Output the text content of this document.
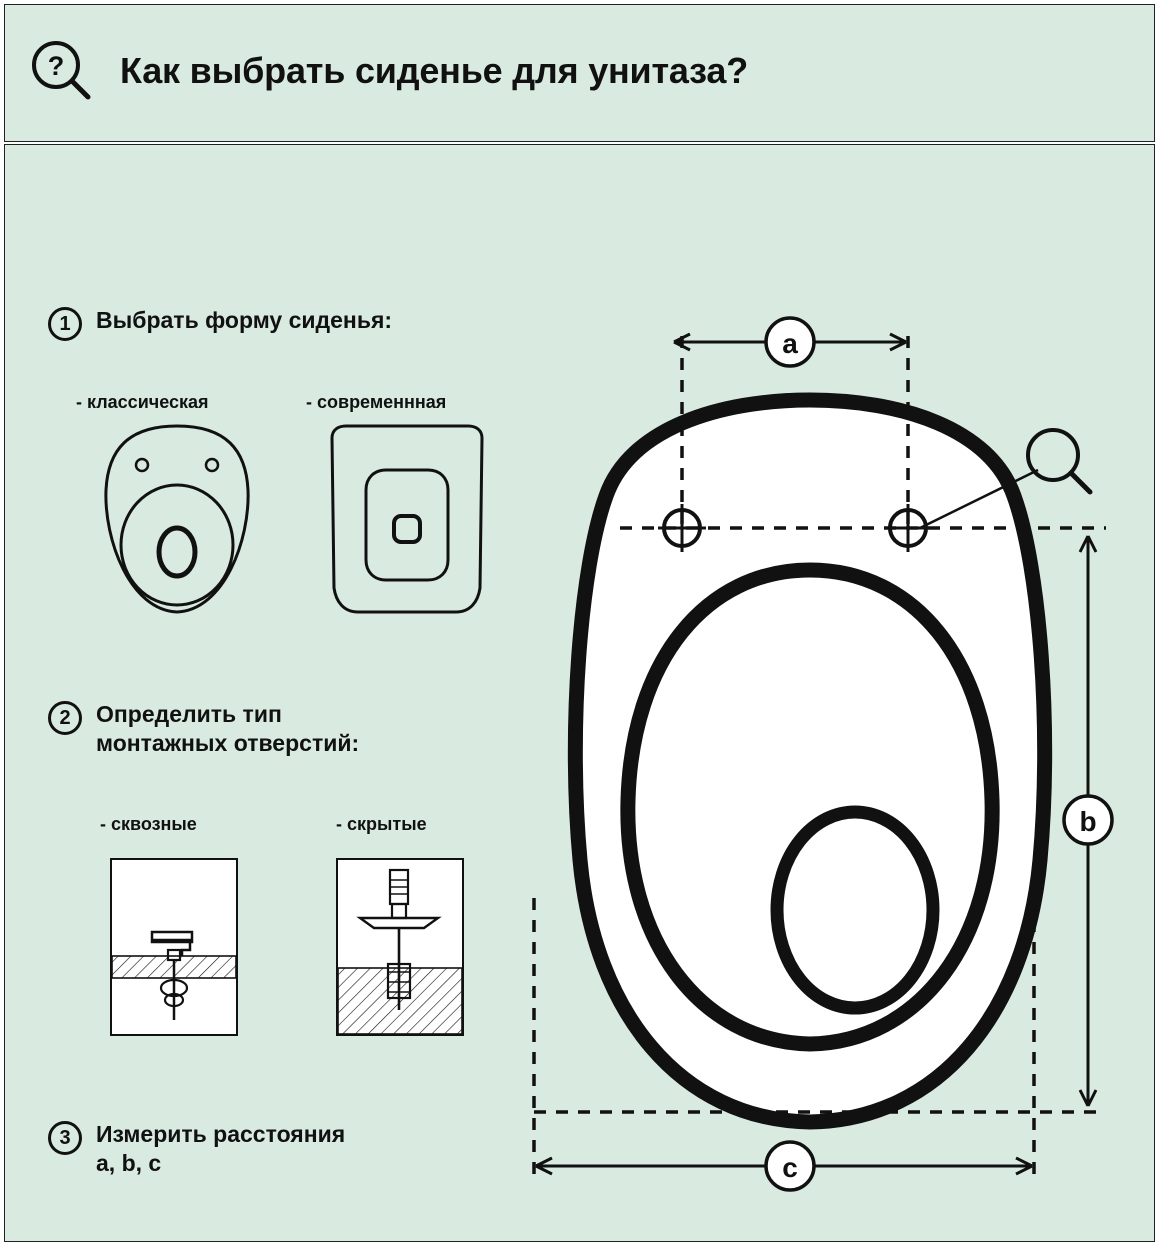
? Как выбрать сиденье для унитаза?
1	Выбрать форму сиденья:
- классическая	- современнная
2	Определить тип
монтажных отверстий:
- сквозные	- скрытые
3	Измерить расстояния
a, b, c
a
b
c
